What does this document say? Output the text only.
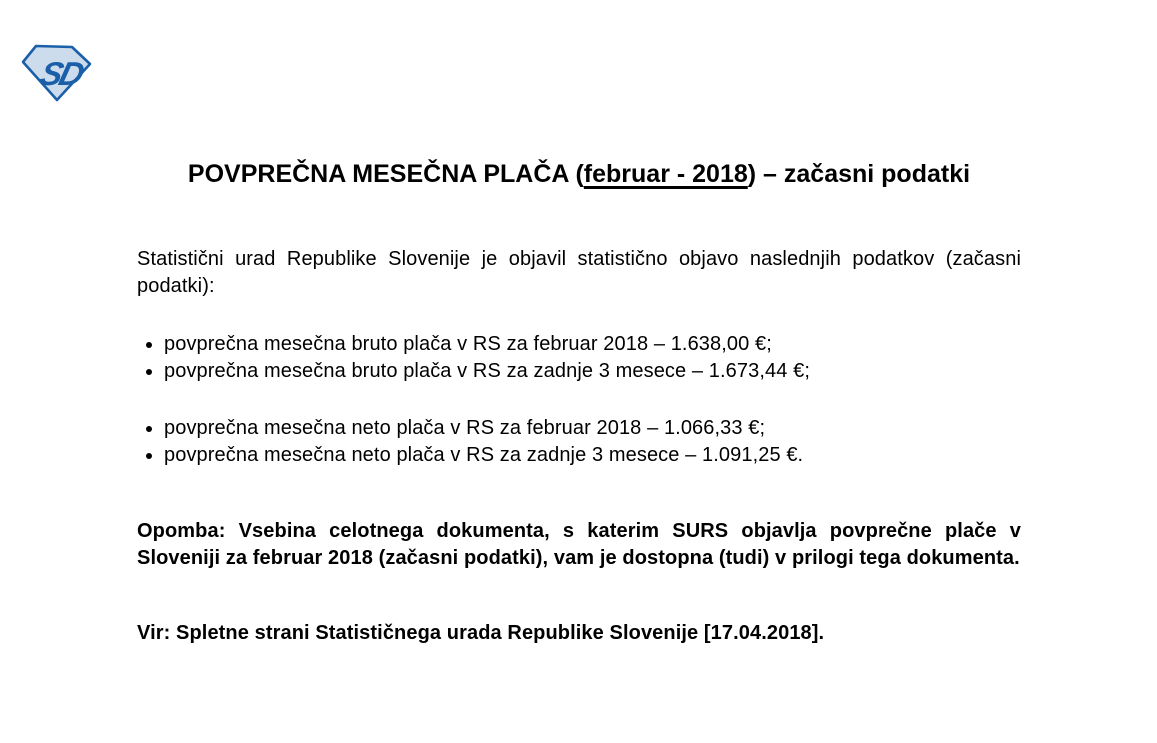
SD
POVPREČNA MESEČNA PLAČA (februar - 2018) – začasni podatki

Statistični urad Republike Slovenije je objavil statistično objavo naslednjih podatkov (začasni podatki):

• povprečna mesečna bruto plača v RS za februar 2018 – 1.638,00 €;
• povprečna mesečna bruto plača v RS za zadnje 3 mesece – 1.673,44 €;
• povprečna mesečna neto plača v RS za februar 2018 – 1.066,33 €;
• povprečna mesečna neto plača v RS za zadnje 3 mesece – 1.091,25 €.

Opomba: Vsebina celotnega dokumenta, s katerim SURS objavlja povprečne plače v Sloveniji za februar 2018 (začasni podatki), vam je dostopna (tudi) v prilogi tega dokumenta.

Vir: Spletne strani Statističnega urada Republike Slovenije [17.04.2018].
